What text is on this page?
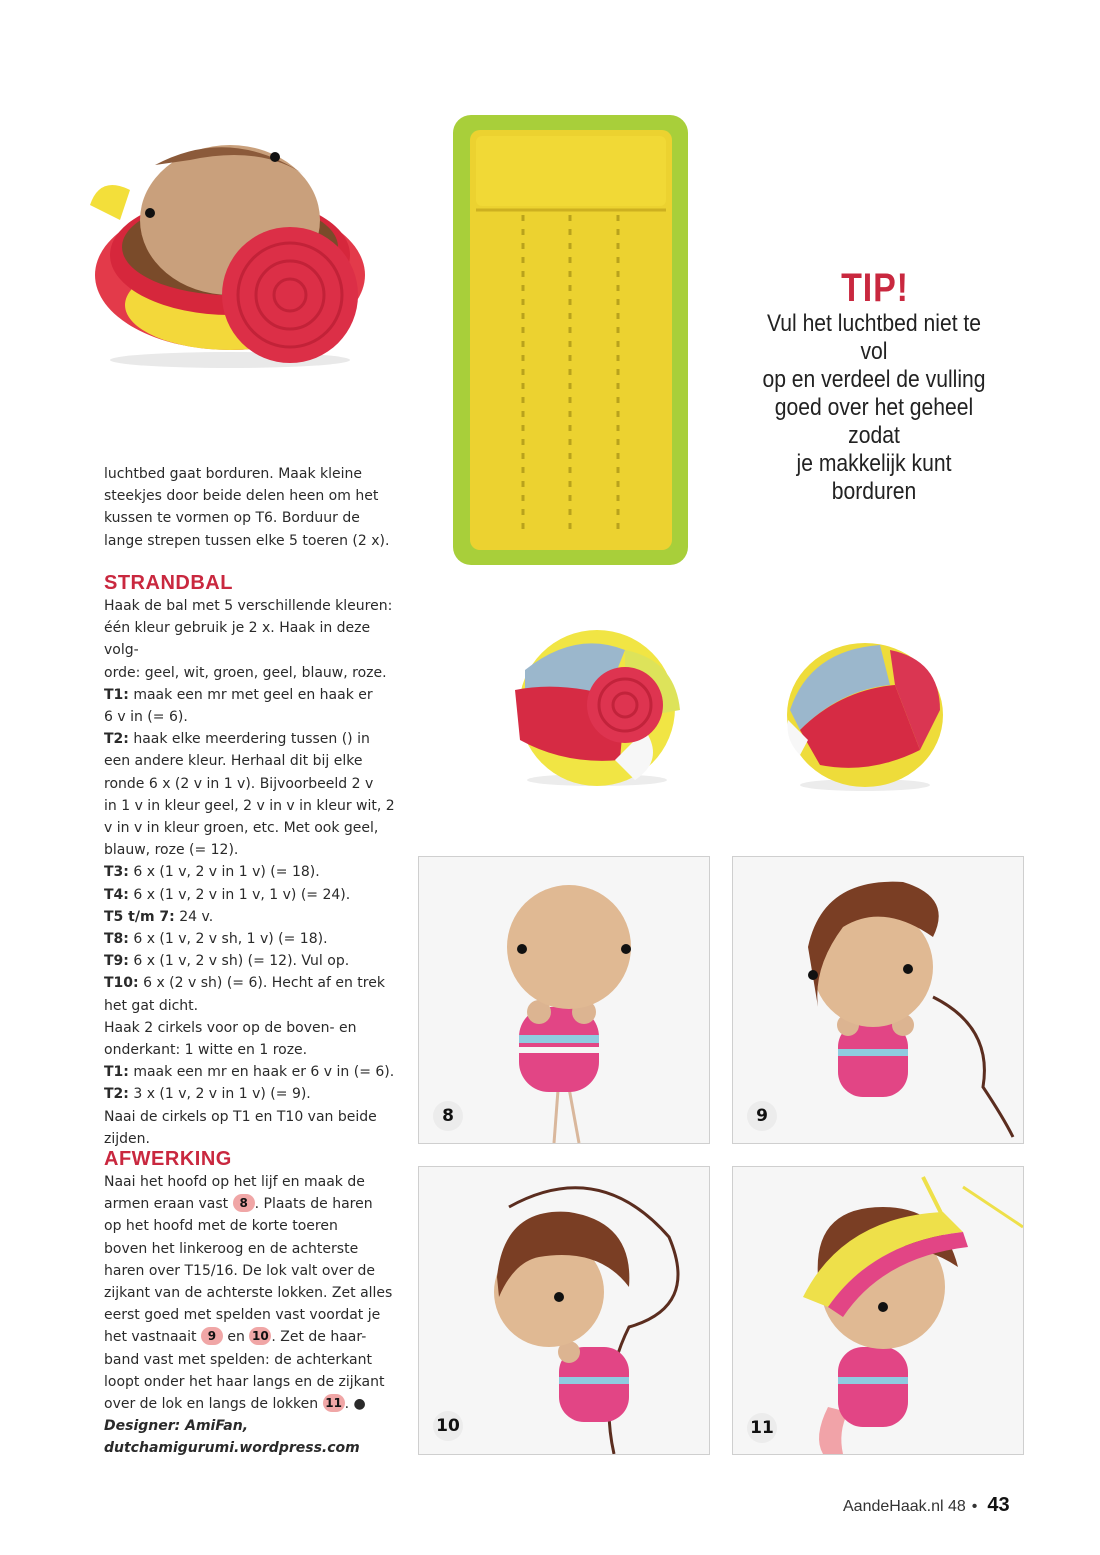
TIP!
Vul het luchtbed niet te vol
op en verdeel de vulling
goed over het geheel zodat
je makkelijk kunt borduren
8	9
10	11

luchtbed gaat borduren. Maak kleine

steekjes door beide delen heen om het

kussen te vormen op T6. Borduur de

lange strepen tussen elke 5 toeren (2 x).

STRANDBAL

Haak de bal met 5 verschillende kleuren:

één kleur gebruik je 2 x. Haak in deze volg-

orde: geel, wit, groen, geel, blauw, roze.

T1: maak een mr met geel en haak er

6 v in (= 6).

T2: haak elke meerdering tussen () in

een andere kleur. Herhaal dit bij elke

ronde 6 x (2 v in 1 v). Bijvoorbeeld 2 v

in 1 v in kleur geel, 2 v in v in kleur wit, 2

v in v in kleur groen, etc. Met ook geel,

blauw, roze (= 12).

T3: 6 x (1 v, 2 v in 1 v) (= 18).

T4: 6 x (1 v, 2 v in 1 v, 1 v) (= 24).

T5 t/m 7: 24 v.

T8: 6 x (1 v, 2 v sh, 1 v) (= 18).

T9: 6 x (1 v, 2 v sh) (= 12). Vul op.

T10: 6 x (2 v sh) (= 6). Hecht af en trek

het gat dicht.

Haak 2 cirkels voor op de boven- en

onderkant: 1 witte en 1 roze.

T1: maak een mr en haak er 6 v in (= 6).

T2: 3 x (1 v, 2 v in 1 v) (= 9).

Naai de cirkels op T1 en T10 van beide

zijden.

AFWERKING

Naai het hoofd op het lijf en maak de

armen eraan vast 8 . Plaats de haren

op het hoofd met de korte toeren

boven het linkeroog en de achterste

haren over T15/16. De lok valt over de

zijkant van de achterste lokken. Zet alles

eerst goed met spelden vast voordat je

het vastnaait 9 en 10 . Zet de haar-

band vast met spelden: de achterkant

loopt onder het haar langs en de zijkant

over de lok en langs de lokken 11 . ●

Designer: AmiFan,

dutchamigurumi.wordpress.com

AandeHaak.nl 48 • 43
